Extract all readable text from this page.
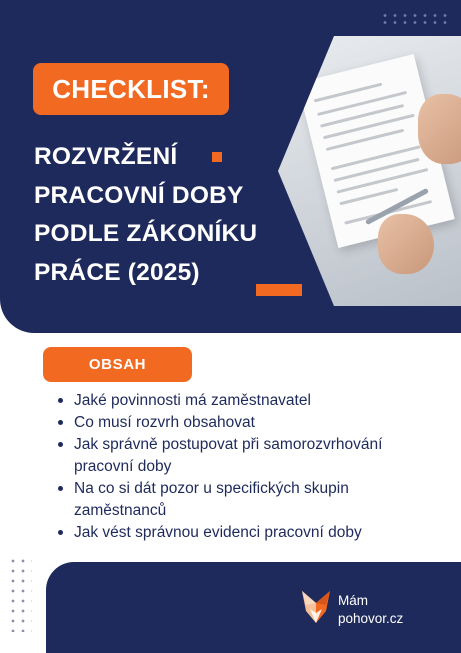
CHECKLIST:
ROZVRŽENÍ
PRACOVNÍ DOBY
PODLE ZÁKONÍKU
PRÁCE (2025)
OBSAH
Jaké povinnosti má zaměstnavatel
Co musí rozvrh obsahovat
Jak správně postupovat při samorozvrhování pracovní doby
Na co si dát pozor u specifických skupin zaměstnanců
Jak vést správnou evidenci pracovní doby
Mám
pohovor.cz
